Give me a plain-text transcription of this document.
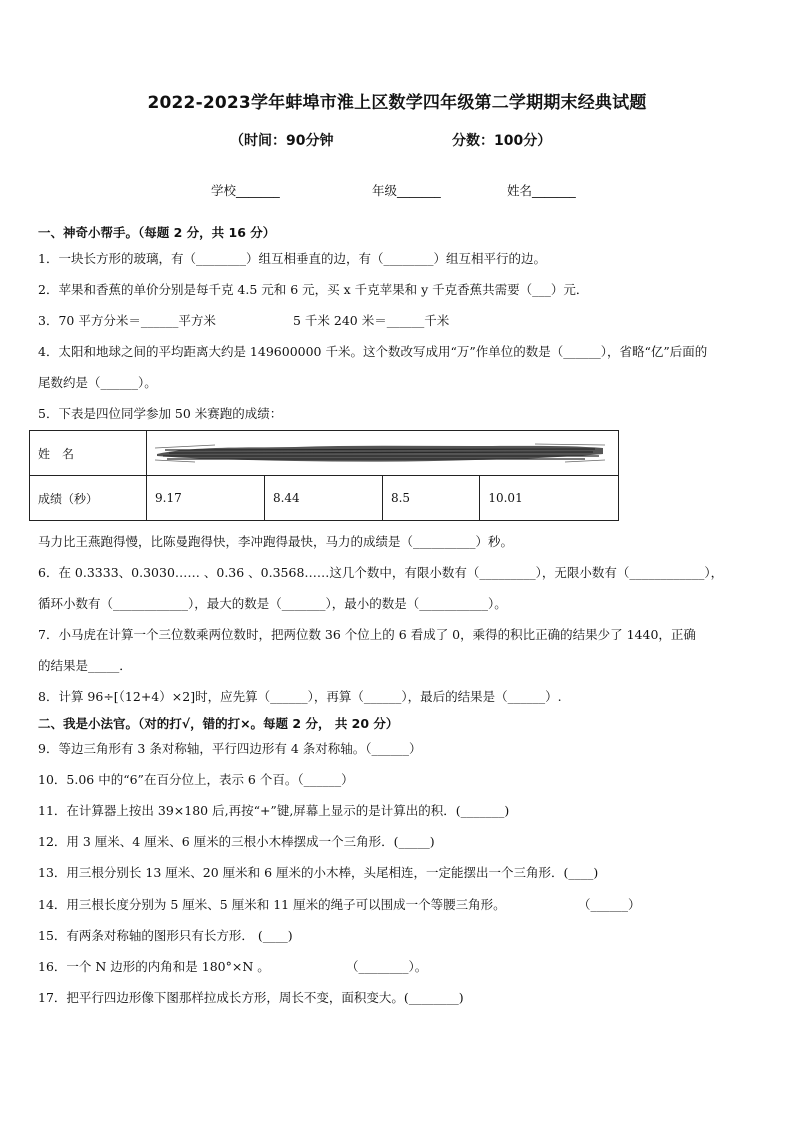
2022-2023学年蚌埠市淮上区数学四年级第二学期期末经典试题
（时间：90分钟	分数：100分）
学校_______	年级_______	姓名_______
一、神奇小帮手。（每题 2 分，共 16 分）
1．一块长方形的玻璃，有（________）组互相垂直的边，有（________）组互相平行的边。
2．苹果和香蕉的单价分别是每千克 4.5 元和 6 元，买 x 千克苹果和 y 千克香蕉共需要（___）元．
3．70 平方分米＝______平方米	5 千米 240 米＝______千米
4．太阳和地球之间的平均距离大约是 149600000 千米。这个数改写成用“万”作单位的数是（______），省略“亿”后面的
尾数约是（______）。
5．下表是四位同学参加 50 米赛跑的成绩：
姓　名	

成绩（秒）	9.17	8.44	8.5	10.01
马力比王燕跑得慢，比陈曼跑得快，李冲跑得最快，马力的成绩是（__________）秒。
6．在 0.3333、0.3030…… 、0.36 、0.3568……这几个数中，有限小数有（_________），无限小数有（____________），
循环小数有（____________），最大的数是（_______），最小的数是（___________）。
7．小马虎在计算一个三位数乘两位数时，把两位数 36 个位上的 6 看成了 0，乘得的积比正确的结果少了 1440，正确
的结果是_____．
8．计算 96÷[（12+4）×2]时，应先算（______），再算（______），最后的结果是（______）.
二、我是小法官。（对的打√，错的打×。每题 2 分， 共 20 分）
9．等边三角形有 3 条对称轴，平行四边形有 4 条对称轴。（______）
10．5.06 中的“6”在百分位上，表示 6 个百。（______）
11．在计算器上按出 39×180 后,再按“+”键,屏幕上显示的是计算出的积．(_______)
12．用 3 厘米、4 厘米、6 厘米的三根小木棒摆成一个三角形．(_____)
13．用三根分别长 13 厘米、20 厘米和 6 厘米的小木棒，头尾相连，一定能摆出一个三角形．(____)
14．用三根长度分别为 5 厘米、5 厘米和 11 厘米的绳子可以围成一个等腰三角形。	（______）
15．有两条对称轴的图形只有长方形． (____)
16．一个 N 边形的内角和是 180°×N 。	（________）。
17．把平行四边形像下图那样拉成长方形，周长不变，面积变大。(________)
